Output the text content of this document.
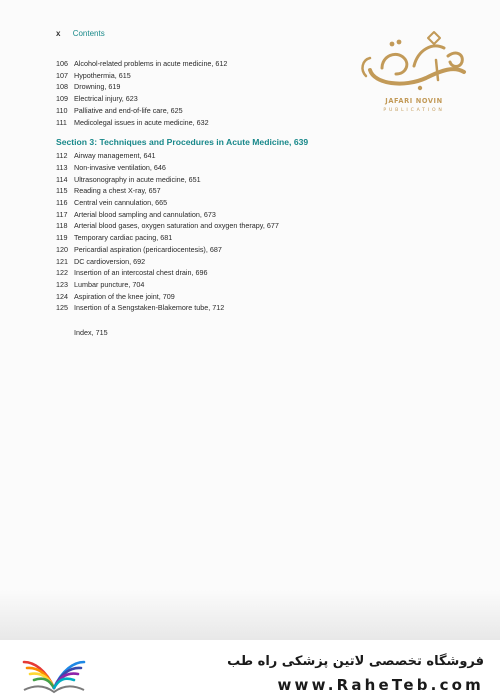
x Contents
JAFARI NOVIN
PUBLICATION
106 Alcohol-related problems in acute medicine, 612
107 Hypothermia, 615
108 Drowning, 619
109 Electrical injury, 623
110 Palliative and end-of-life care, 625
111 Medicolegal issues in acute medicine, 632
Section 3: Techniques and Procedures in Acute Medicine, 639
112 Airway management, 641
113 Non-invasive ventilation, 646
114 Ultrasonography in acute medicine, 651
115 Reading a chest X-ray, 657
116 Central vein cannulation, 665
117 Arterial blood sampling and cannulation, 673
118 Arterial blood gases, oxygen saturation and oxygen therapy, 677
119 Temporary cardiac pacing, 681
120 Pericardial aspiration (pericardiocentesis), 687
121 DC cardioversion, 692
122 Insertion of an intercostal chest drain, 696
123 Lumbar puncture, 704
124 Aspiration of the knee joint, 709
125 Insertion of a Sengstaken-Blakemore tube, 712
Index, 715
فروشگاه تخصصی لاتین پزشکی راه طب
www.RaheTeb.com
